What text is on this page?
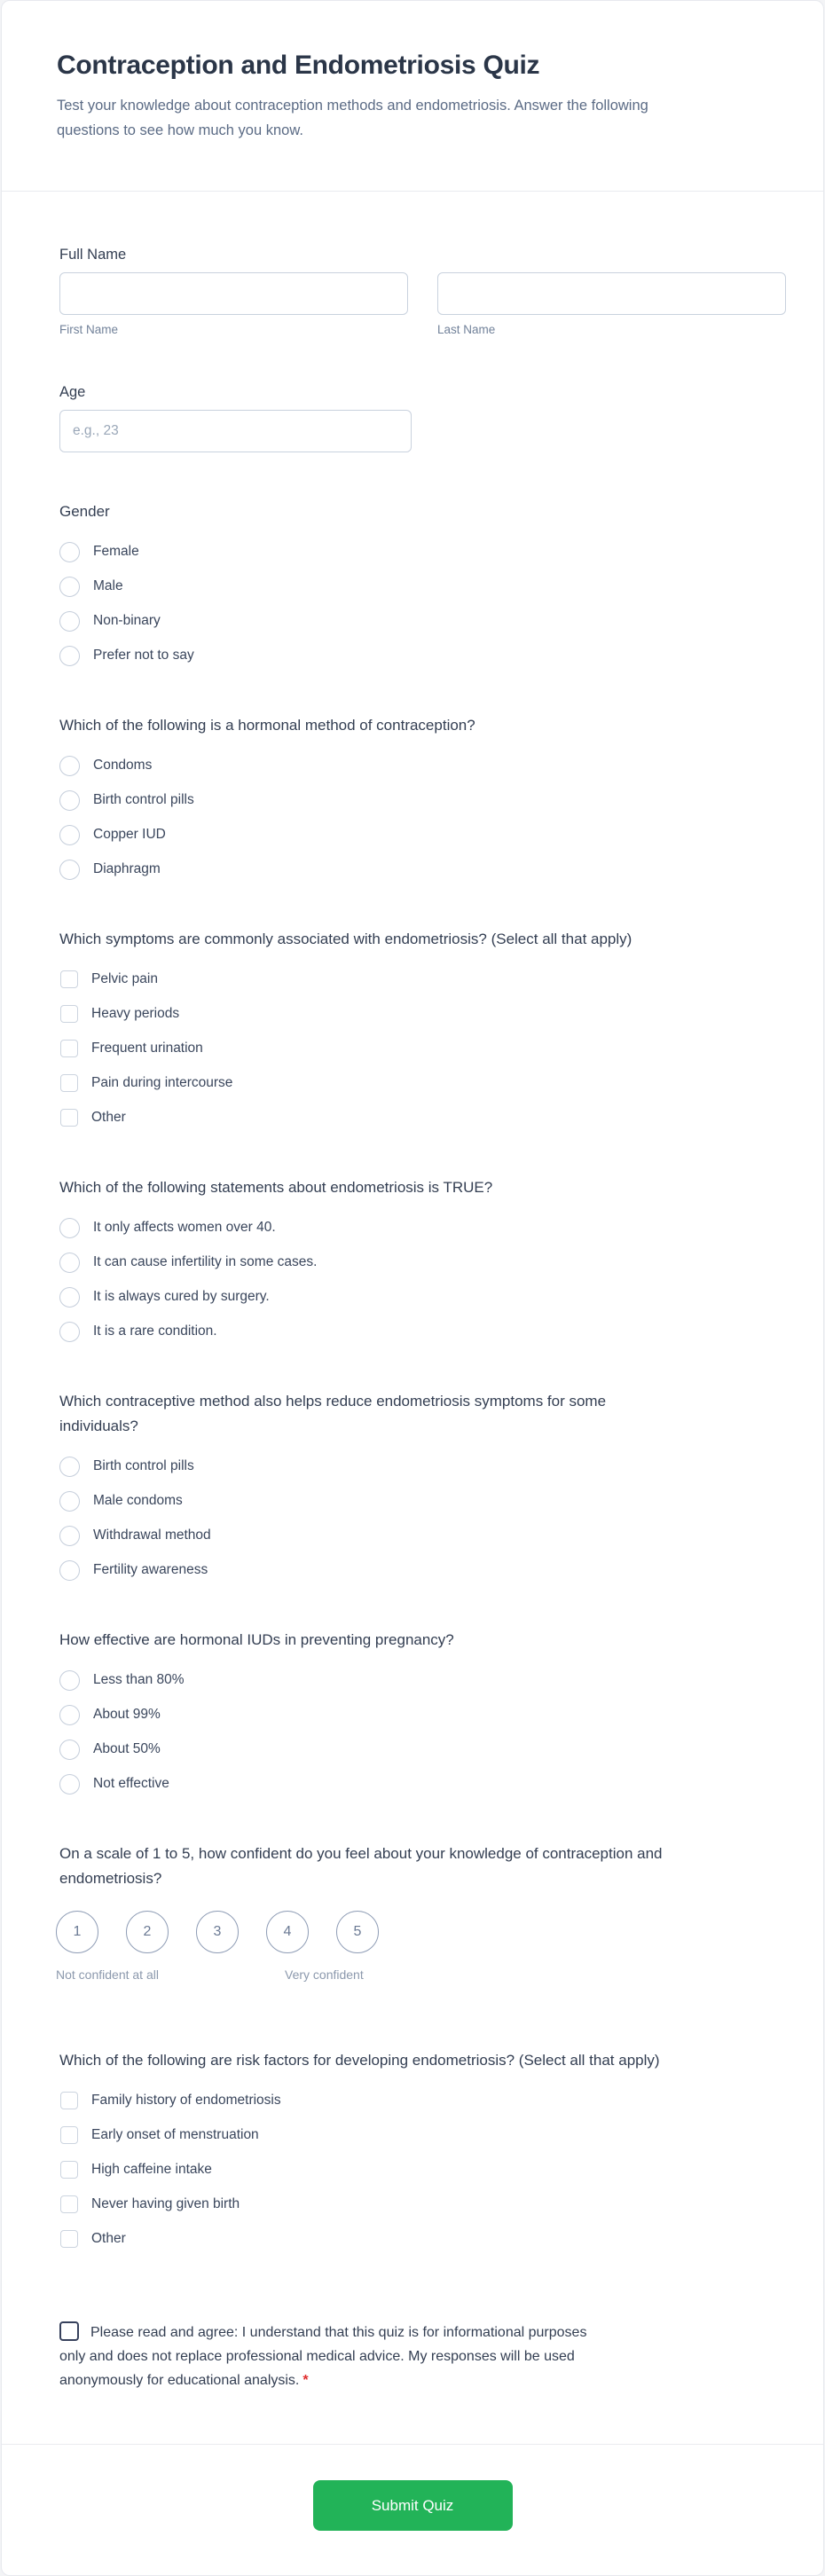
Contraception and Endometriosis Quiz
Test your knowledge about contraception methods and endometriosis. Answer the following questions to see how much you know.
Full Name
First Name	Last Name
Age
e.g., 23
Gender
Female
Male
Non-binary
Prefer not to say
Which of the following is a hormonal method of contraception?
Condoms
Birth control pills
Copper IUD
Diaphragm
Which symptoms are commonly associated with endometriosis? (Select all that apply)
Pelvic pain
Heavy periods
Frequent urination
Pain during intercourse
Other
Which of the following statements about endometriosis is TRUE?
It only affects women over 40.
It can cause infertility in some cases.
It is always cured by surgery.
It is a rare condition.
Which contraceptive method also helps reduce endometriosis symptoms for some individuals?
Birth control pills
Male condoms
Withdrawal method
Fertility awareness
How effective are hormonal IUDs in preventing pregnancy?
Less than 80%
About 99%
About 50%
Not effective
On a scale of 1 to 5, how confident do you feel about your knowledge of contraception and endometriosis?
1	2	3	4	5
Not confident at all	Very confident
Which of the following are risk factors for developing endometriosis? (Select all that apply)
Family history of endometriosis
Early onset of menstruation
High caffeine intake
Never having given birth
Other
Please read and agree: I understand that this quiz is for informational purposes only and does not replace professional medical advice. My responses will be used anonymously for educational analysis. *
Submit Quiz
